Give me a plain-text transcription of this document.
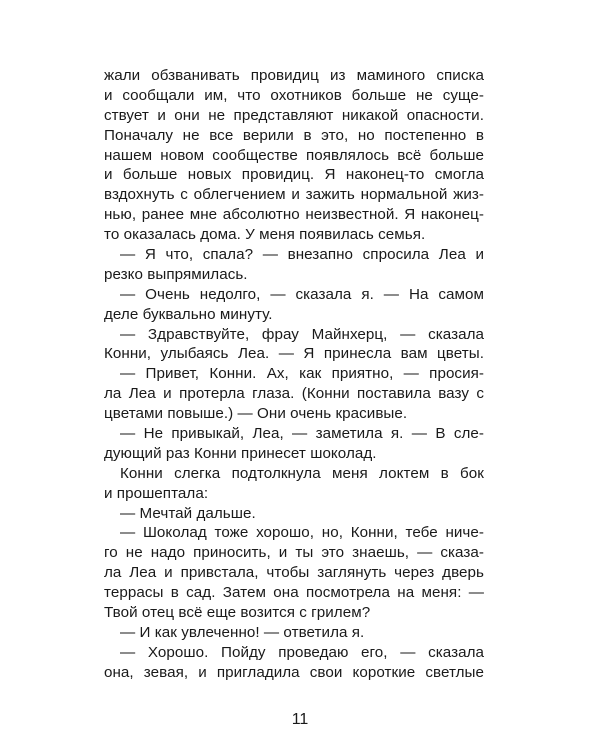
жали обзванивать провидиц из маминого списка
и сообщали им, что охотников больше не суще-
ствует и они не представляют никакой опасности.
Поначалу не все верили в это, но постепенно в
нашем новом сообществе появлялось всё больше
и больше новых провидиц. Я наконец-то смогла
вздохнуть с облегчением и зажить нормальной жиз-
нью, ранее мне абсолютно неизвестной. Я наконец-
то оказалась дома. У меня появилась семья.
— Я что, спала? — внезапно спросила Леа и
резко выпрямилась.
— Очень недолго, — сказала я. — На самом
деле буквально минуту.
— Здравствуйте, фрау Майнхерц, — сказала
Конни, улыбаясь Леа. — Я принесла вам цветы.
— Привет, Конни. Ах, как приятно, — просия-
ла Леа и протерла глаза. (Конни поставила вазу с
цветами повыше.) — Они очень красивые.
— Не привыкай, Леа, — заметила я. — В сле-
дующий раз Конни принесет шоколад.
Конни слегка подтолкнула меня локтем в бок
и прошептала:
— Мечтай дальше.
— Шоколад тоже хорошо, но, Конни, тебе ниче-
го не надо приносить, и ты это знаешь, — сказа-
ла Леа и привстала, чтобы заглянуть через дверь
террасы в сад. Затем она посмотрела на меня: —
Твой отец всё еще возится с грилем?
— И как увлеченно! — ответила я.
— Хорошо. Пойду проведаю его, — сказала
она, зевая, и пригладила свои короткие светлые
11
